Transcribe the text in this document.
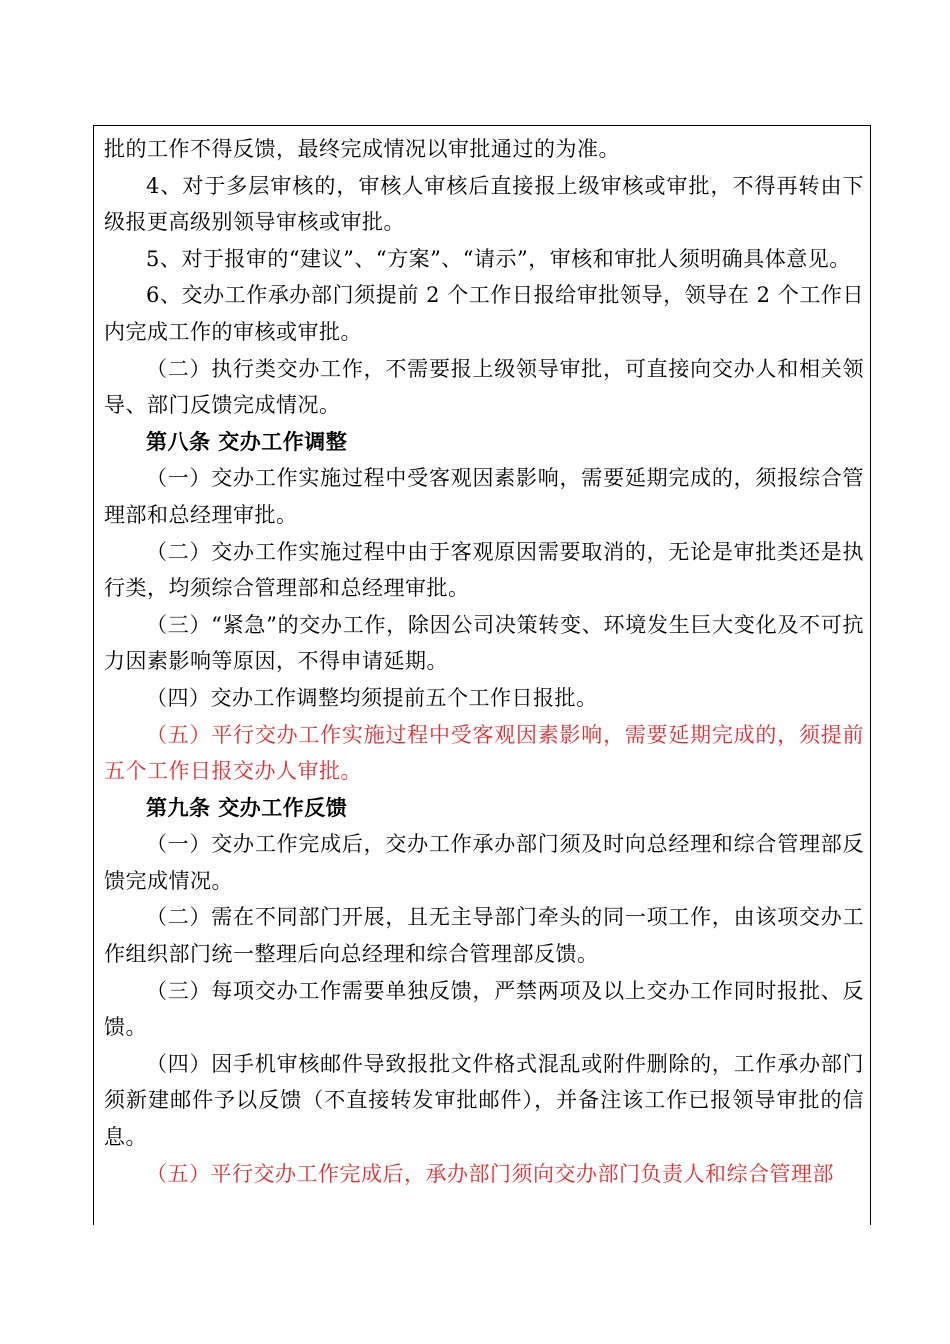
批的工作不得反馈，最终完成情况以审批通过的为准。

4、对于多层审核的，审核人审核后直接报上级审核或审批，不得再转由下级报更高级别领导审核或审批。

5、对于报审的“建议”、“方案”、“请示”，审核和审批人须明确具体意见。

6、交办工作承办部门须提前 2 个工作日报给审批领导，领导在 2 个工作日内完成工作的审核或审批。

（二）执行类交办工作，不需要报上级领导审批，可直接向交办人和相关领导、部门反馈完成情况。

第八条 交办工作调整

（一）交办工作实施过程中受客观因素影响，需要延期完成的，须报综合管理部和总经理审批。

（二）交办工作实施过程中由于客观原因需要取消的，无论是审批类还是执行类，均须综合管理部和总经理审批。

（三）“紧急”的交办工作，除因公司决策转变、环境发生巨大变化及不可抗力因素影响等原因，不得申请延期。

（四）交办工作调整均须提前五个工作日报批。

（五）平行交办工作实施过程中受客观因素影响，需要延期完成的，须提前五个工作日报交办人审批。

第九条 交办工作反馈

（一）交办工作完成后，交办工作承办部门须及时向总经理和综合管理部反馈完成情况。

（二）需在不同部门开展，且无主导部门牵头的同一项工作，由该项交办工作组织部门统一整理后向总经理和综合管理部反馈。

（三）每项交办工作需要单独反馈，严禁两项及以上交办工作同时报批、反馈。

（四）因手机审核邮件导致报批文件格式混乱或附件删除的，工作承办部门须新建邮件予以反馈（不直接转发审批邮件），并备注该工作已报领导审批的信息。

（五）平行交办工作完成后，承办部门须向交办部门负责人和综合管理部
